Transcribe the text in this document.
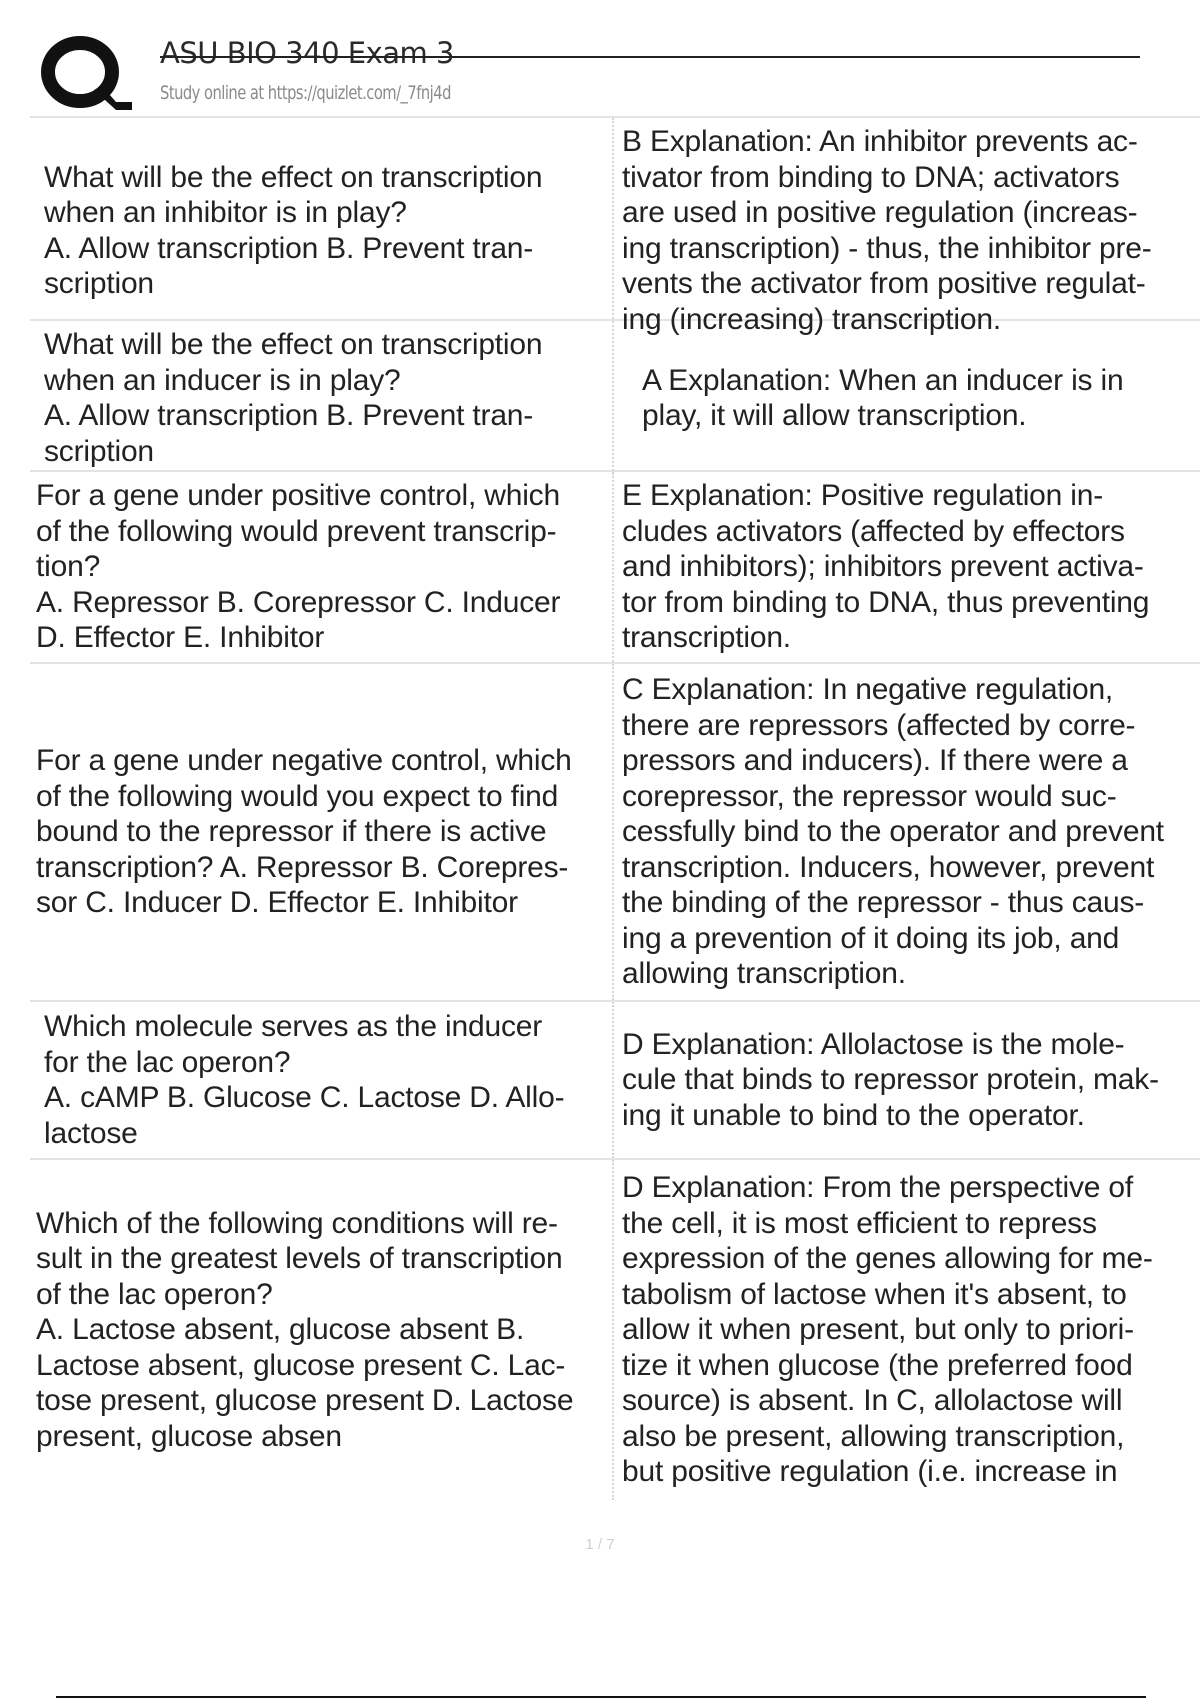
ASU BIO 340 Exam 3
Study online at https://quizlet.com/_7fnj4d
What will be the effect on transcription
when an inhibitor is in play?
A. Allow transcription B. Prevent tran-
scription
B Explanation: An inhibitor prevents ac-
tivator from binding to DNA; activators
are used in positive regulation (increas-
ing transcription) - thus, the inhibitor pre-
vents the activator from positive regulat-
ing (increasing) transcription.
What will be the effect on transcription
when an inducer is in play?
A. Allow transcription B. Prevent tran-
scription
A Explanation: When an inducer is in
play, it will allow transcription.
For a gene under positive control, which
of the following would prevent transcrip-
tion?
A. Repressor B. Corepressor C. Inducer
D. Effector E. Inhibitor
E Explanation: Positive regulation in-
cludes activators (affected by effectors
and inhibitors); inhibitors prevent activa-
tor from binding to DNA, thus preventing
transcription.
For a gene under negative control, which
of the following would you expect to find
bound to the repressor if there is active
transcription? A. Repressor B. Corepres-
sor C. Inducer D. Effector E. Inhibitor
C Explanation: In negative regulation,
there are repressors (affected by corre-
pressors and inducers). If there were a
corepressor, the repressor would suc-
cessfully bind to the operator and prevent
transcription. Inducers, however, prevent
the binding of the repressor - thus caus-
ing a prevention of it doing its job, and
allowing transcription.
Which molecule serves as the inducer
for the lac operon?
A. cAMP B. Glucose C. Lactose D. Allo-
lactose
D Explanation: Allolactose is the mole-
cule that binds to repressor protein, mak-
ing it unable to bind to the operator.
Which of the following conditions will re-
sult in the greatest levels of transcription
of the lac operon?
A. Lactose absent, glucose absent B.
Lactose absent, glucose present C. Lac-
tose present, glucose present D. Lactose
present, glucose absen
D Explanation: From the perspective of
the cell, it is most efficient to repress
expression of the genes allowing for me-
tabolism of lactose when it's absent, to
allow it when present, but only to priori-
tize it when glucose (the preferred food
source) is absent. In C, allolactose will
also be present, allowing transcription,
but positive regulation (i.e. increase in
1 / 7
